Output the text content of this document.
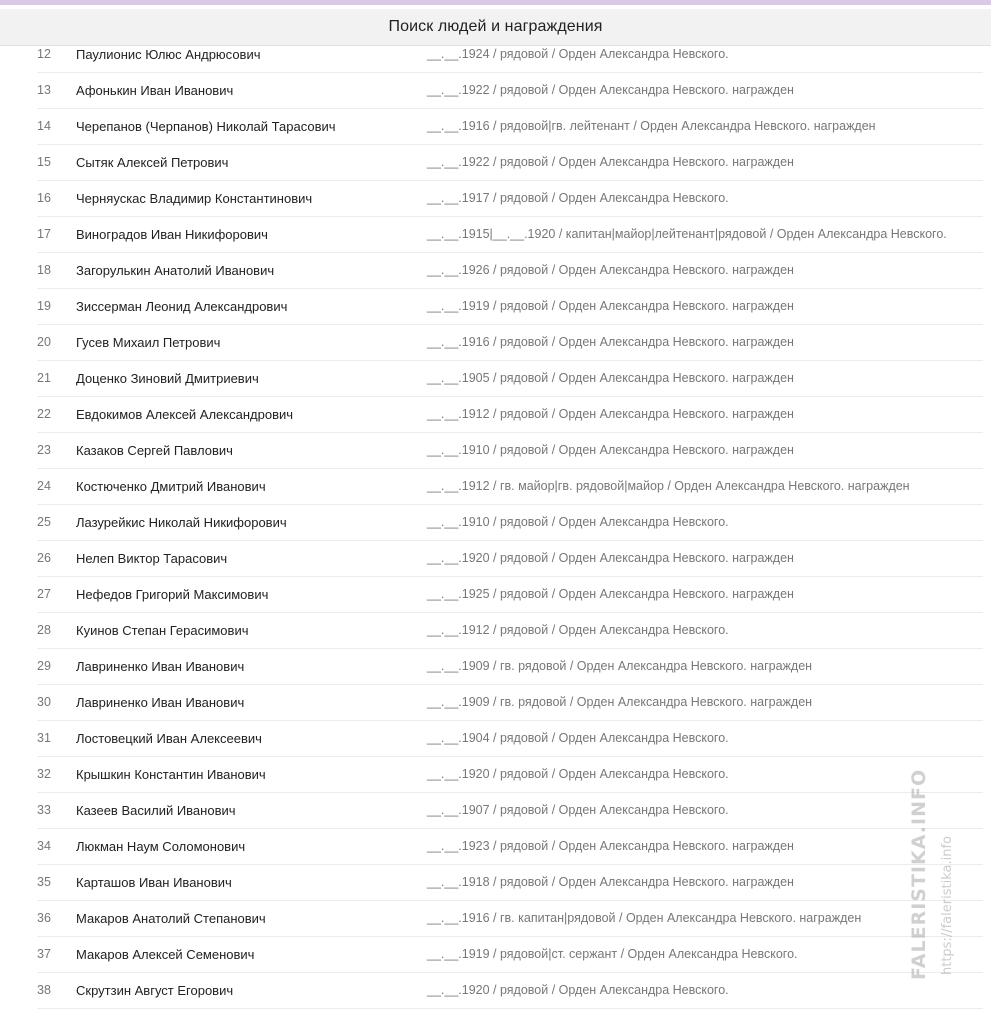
12	Паулионис Юлюс Андрюсович	__.__.1924 / рядовой / Орден Александра Невского.
13	Афонькин Иван Иванович	__.__.1922 / рядовой / Орден Александра Невского. награжден
14	Черепанов (Черпанов) Николай Тарасович	__.__.1916 / рядовой|гв. лейтенант / Орден Александра Невского. награжден
15	Сытяк Алексей Петрович	__.__.1922 / рядовой / Орден Александра Невского. награжден
16	Черняускас Владимир Константинович	__.__.1917 / рядовой / Орден Александра Невского.
17	Виноградов Иван Никифорович	__.__.1915|__.__.1920 / капитан|майор|лейтенант|рядовой / Орден Александра Невского.
18	Загорулькин Анатолий Иванович	__.__.1926 / рядовой / Орден Александра Невского. награжден
19	Зиссерман Леонид Александрович	__.__.1919 / рядовой / Орден Александра Невского. награжден
20	Гусев Михаил Петрович	__.__.1916 / рядовой / Орден Александра Невского. награжден
21	Доценко Зиновий Дмитриевич	__.__.1905 / рядовой / Орден Александра Невского. награжден
22	Евдокимов Алексей Александрович	__.__.1912 / рядовой / Орден Александра Невского. награжден
23	Казаков Сергей Павлович	__.__.1910 / рядовой / Орден Александра Невского. награжден
24	Костюченко Дмитрий Иванович	__.__.1912 / гв. майор|гв. рядовой|майор / Орден Александра Невского. награжден
25	Лазурейкис Николай Никифорович	__.__.1910 / рядовой / Орден Александра Невского.
26	Нелеп Виктор Тарасович	__.__.1920 / рядовой / Орден Александра Невского. награжден
27	Нефедов Григорий Максимович	__.__.1925 / рядовой / Орден Александра Невского. награжден
28	Куинов Степан Герасимович	__.__.1912 / рядовой / Орден Александра Невского.
29	Лавриненко Иван Иванович	__.__.1909 / гв. рядовой / Орден Александра Невского. награжден
30	Лавриненко Иван Иванович	__.__.1909 / гв. рядовой / Орден Александра Невского. награжден
31	Лостовецкий Иван Алексеевич	__.__.1904 / рядовой / Орден Александра Невского.
32	Крышкин Константин Иванович	__.__.1920 / рядовой / Орден Александра Невского.
33	Казеев Василий Иванович	__.__.1907 / рядовой / Орден Александра Невского.
34	Люкман Наум Соломонович	__.__.1923 / рядовой / Орден Александра Невского. награжден
35	Карташов Иван Иванович	__.__.1918 / рядовой / Орден Александра Невского. награжден
36	Макаров Анатолий Степанович	__.__.1916 / гв. капитан|рядовой / Орден Александра Невского. награжден
37	Макаров Алексей Семенович	__.__.1919 / рядовой|ст. сержант / Орден Александра Невского.
38	Скрутзин Август Егорович	__.__.1920 / рядовой / Орден Александра Невского.
Поиск людей и награждения
FALERISTIKA.INFO https://faleristika.info
